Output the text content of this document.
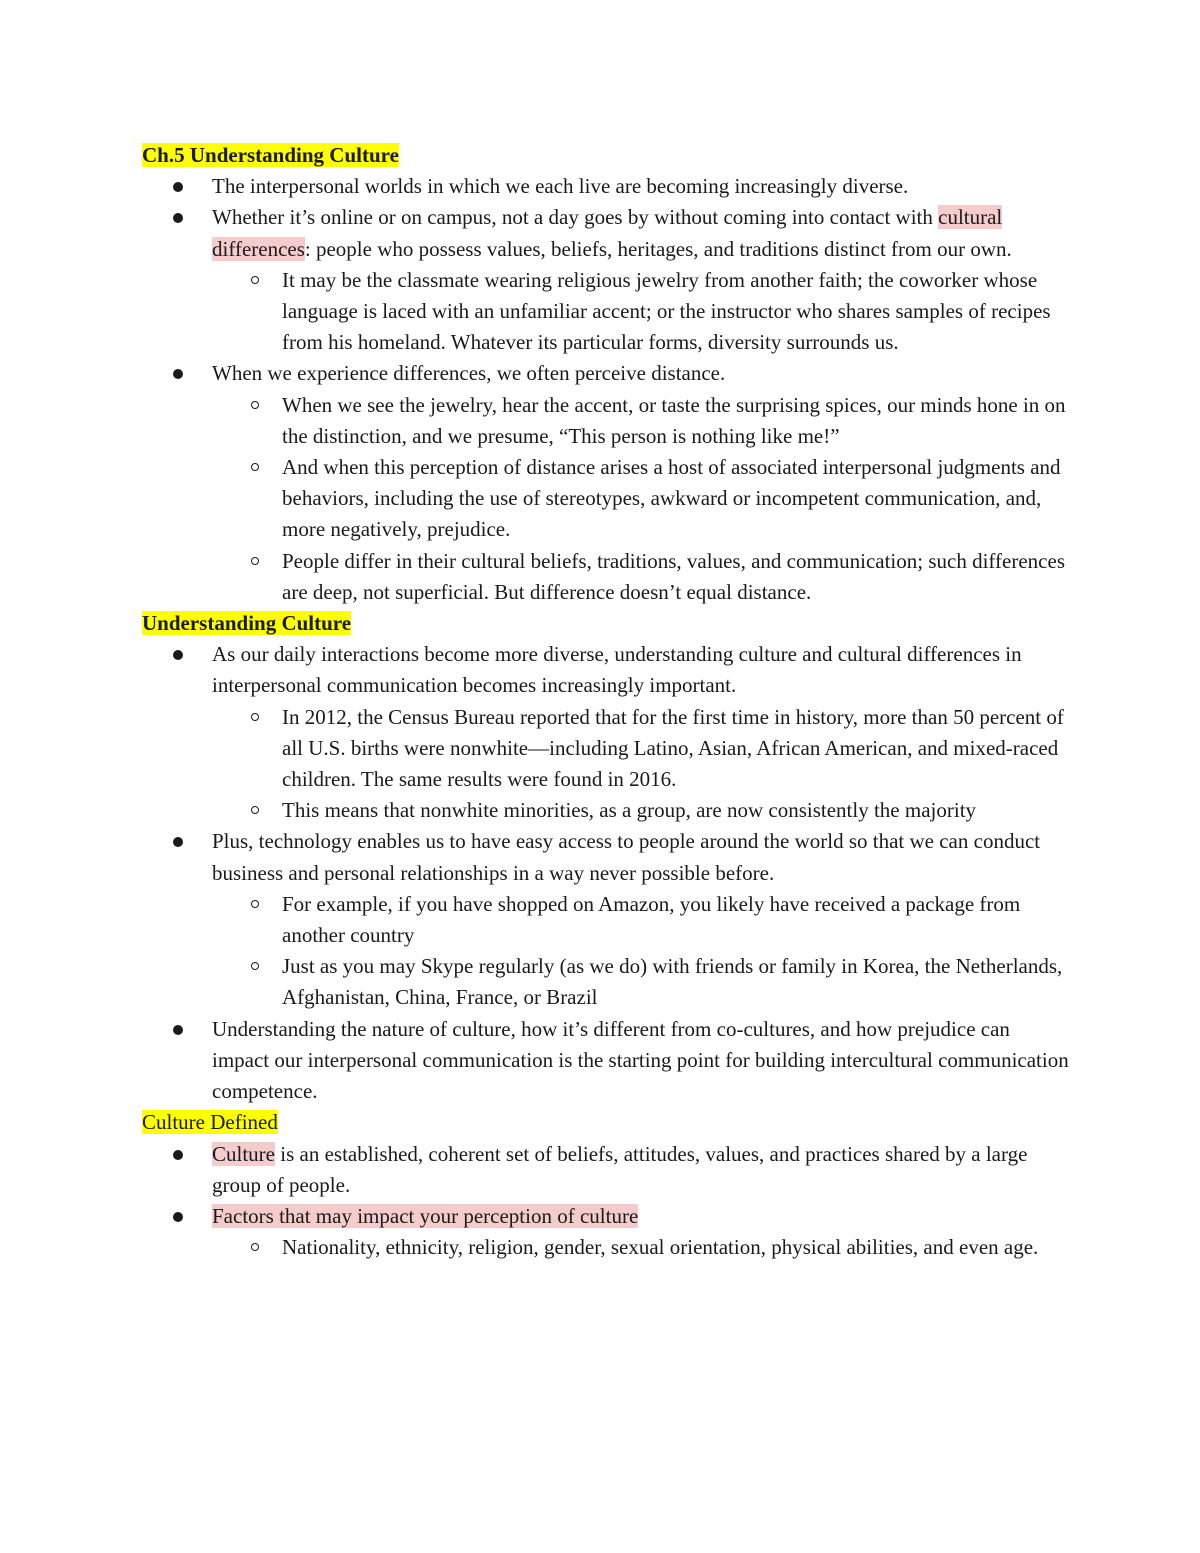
Ch.5 Understanding Culture
The interpersonal worlds in which we each live are becoming increasingly diverse.
Whether it’s online or on campus, not a day goes by without coming into contact with cultural differences: people who possess values, beliefs, heritages, and traditions distinct from our own.
It may be the classmate wearing religious jewelry from another faith; the coworker whose language is laced with an unfamiliar accent; or the instructor who shares samples of recipes from his homeland. Whatever its particular forms, diversity surrounds us.
When we experience differences, we often perceive distance.
When we see the jewelry, hear the accent, or taste the surprising spices, our minds hone in on the distinction, and we presume, “This person is nothing like me!”
And when this perception of distance arises a host of associated interpersonal judgments and behaviors, including the use of stereotypes, awkward or incompetent communication, and, more negatively, prejudice.
People differ in their cultural beliefs, traditions, values, and communication; such differences are deep, not superficial. But difference doesn’t equal distance.
Understanding Culture
As our daily interactions become more diverse, understanding culture and cultural differences in interpersonal communication becomes increasingly important.
In 2012, the Census Bureau reported that for the first time in history, more than 50 percent of all U.S. births were nonwhite—including Latino, Asian, African American, and mixed-raced children. The same results were found in 2016.
This means that nonwhite minorities, as a group, are now consistently the majority
Plus, technology enables us to have easy access to people around the world so that we can conduct business and personal relationships in a way never possible before.
For example, if you have shopped on Amazon, you likely have received a package from another country
Just as you may Skype regularly (as we do) with friends or family in Korea, the Netherlands, Afghanistan, China, France, or Brazil
Understanding the nature of culture, how it’s different from co-cultures, and how prejudice can impact our interpersonal communication is the starting point for building intercultural communication competence.
Culture Defined
Culture is an established, coherent set of beliefs, attitudes, values, and practices shared by a large group of people.
Factors that may impact your perception of culture
Nationality, ethnicity, religion, gender, sexual orientation, physical abilities, and even age.
